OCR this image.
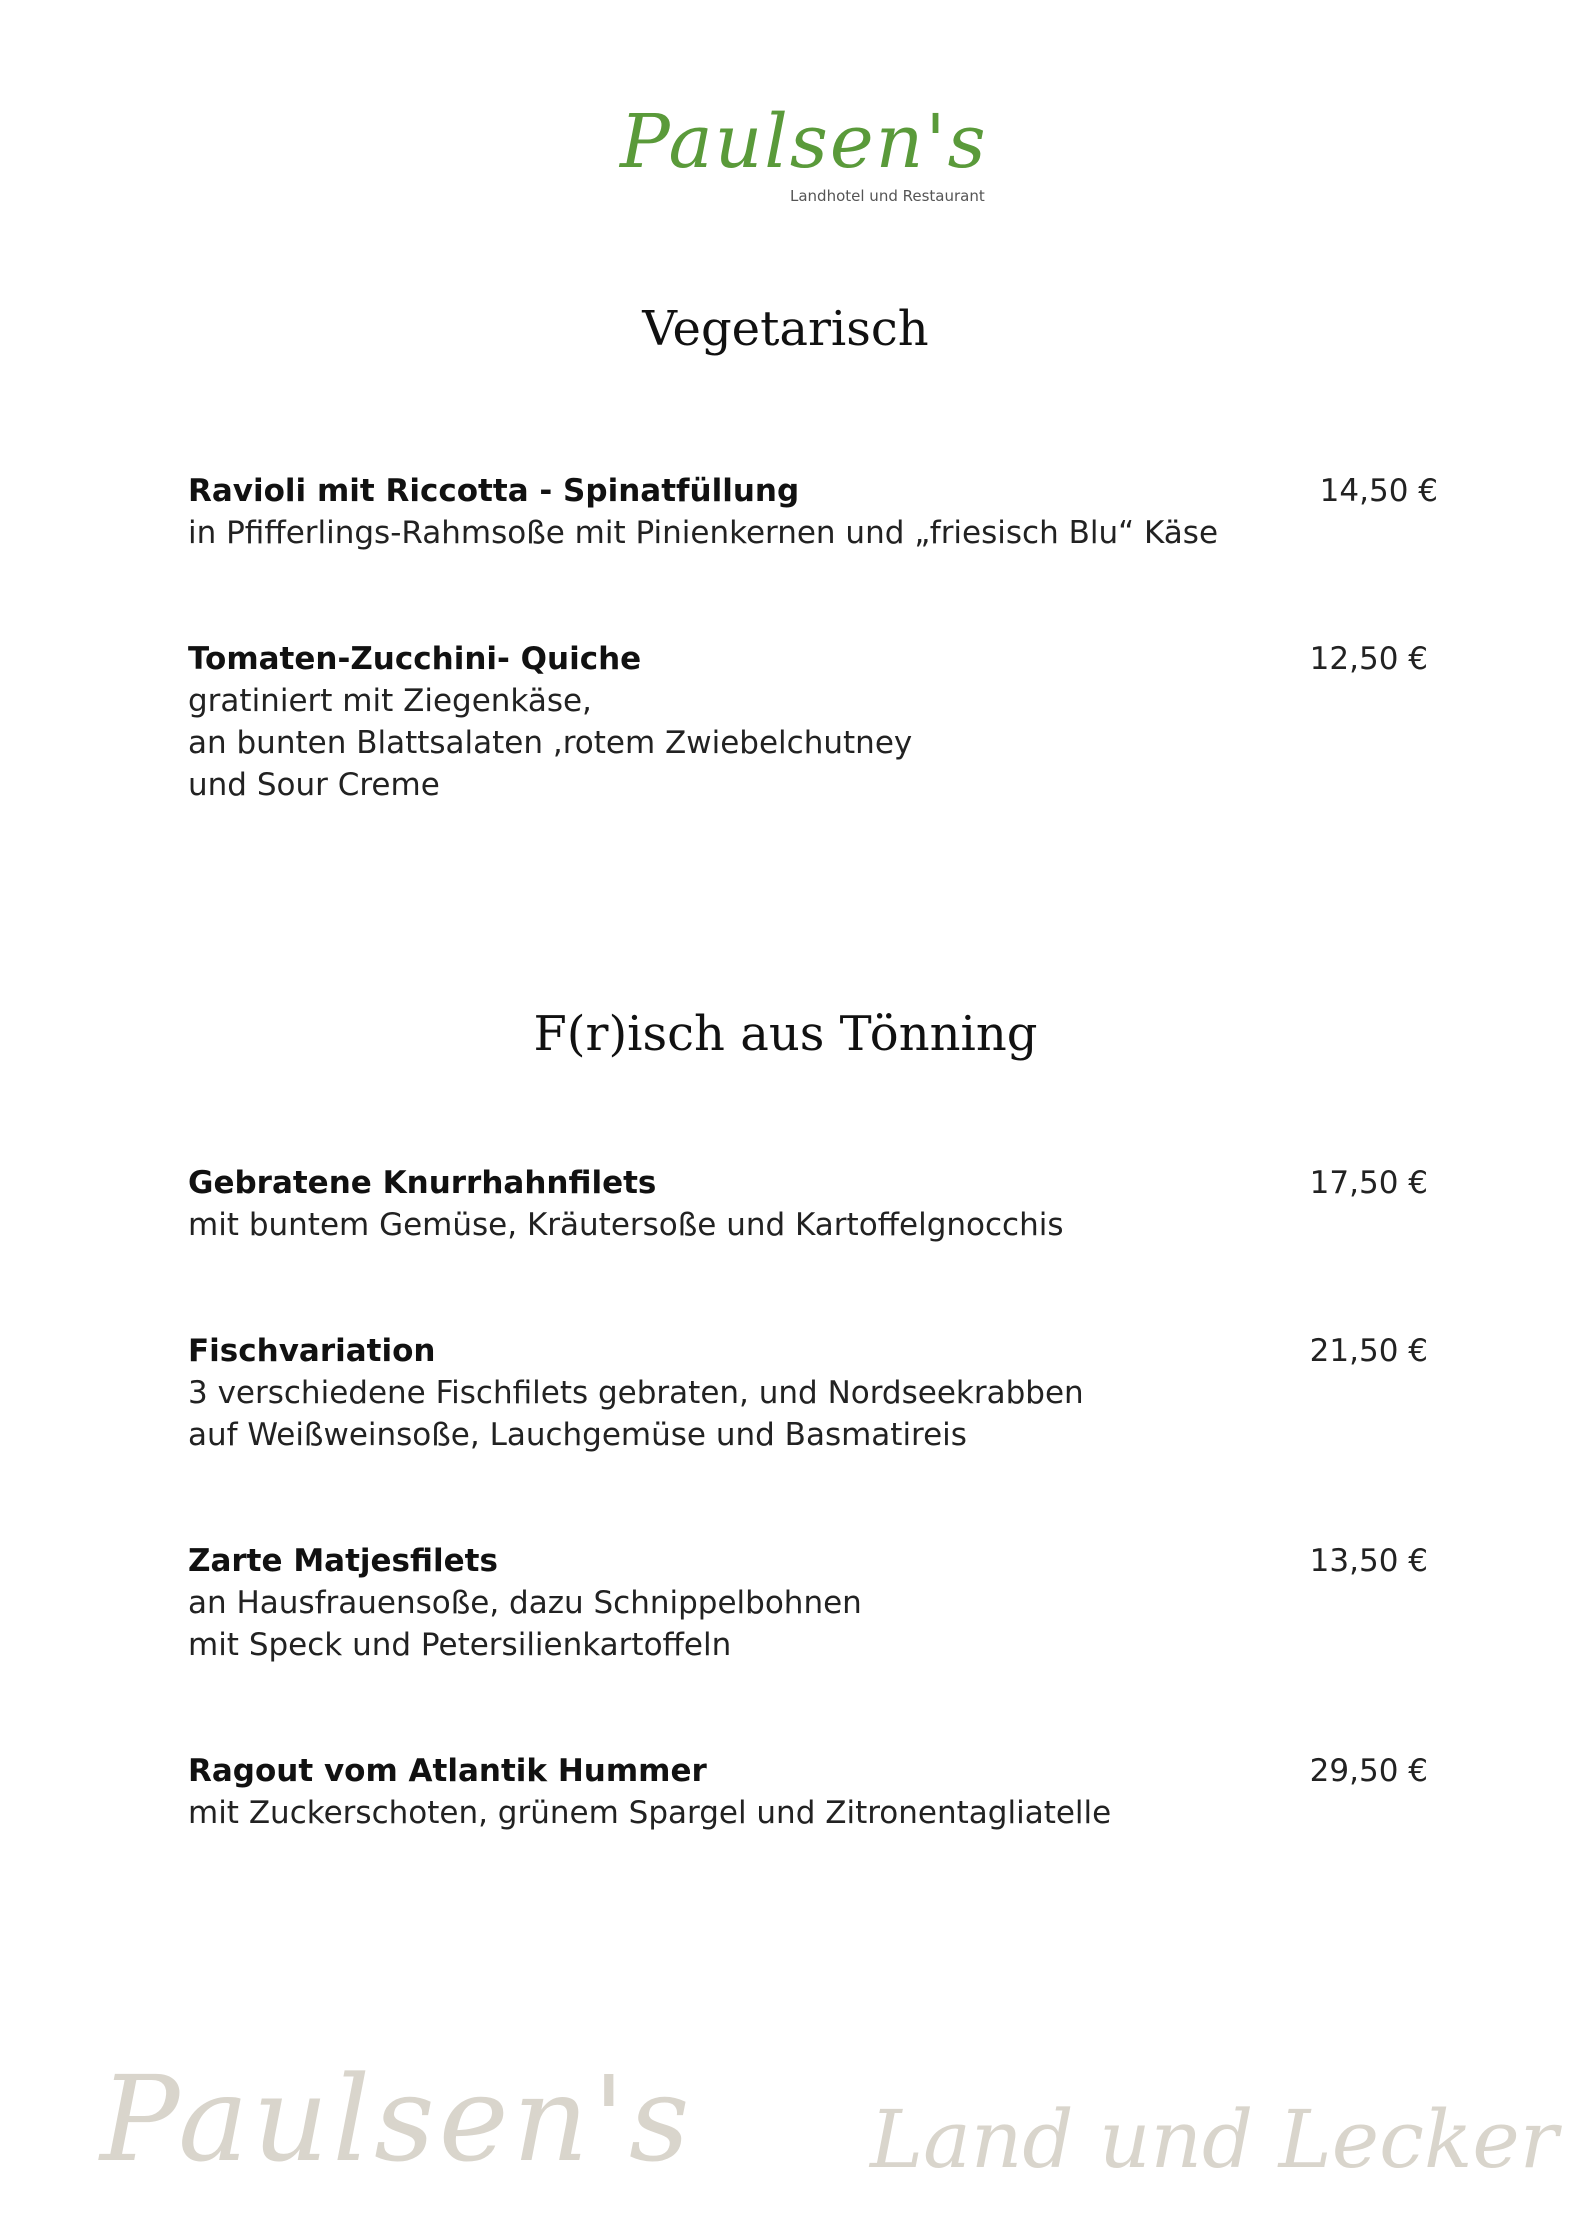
Paulsen's
Landhotel und Restaurant
Vegetarisch
Ravioli mit Riccotta - Spinatfüllung
in Pfifferlings-Rahmsoße mit Pinienkernen und „friesisch Blu“ Käse
14,50 €
Tomaten-Zucchini- Quiche
gratiniert mit Ziegenkäse,
an bunten Blattsalaten ,rotem Zwiebelchutney
und Sour Creme
12,50 €
F(r)isch aus Tönning
Gebratene Knurrhahnfilets
mit buntem Gemüse, Kräutersoße und Kartoffelgnocchis
17,50 €
Fischvariation
3 verschiedene Fischfilets gebraten, und Nordseekrabben
auf Weißweinsoße, Lauchgemüse und Basmatireis
21,50 €
Zarte Matjesfilets
an Hausfrauensoße, dazu Schnippelbohnen
mit Speck und Petersilienkartoffeln
13,50 €
Ragout vom Atlantik Hummer
mit Zuckerschoten, grünem Spargel und Zitronentagliatelle
29,50 €
Paulsen's Land und Lecker
